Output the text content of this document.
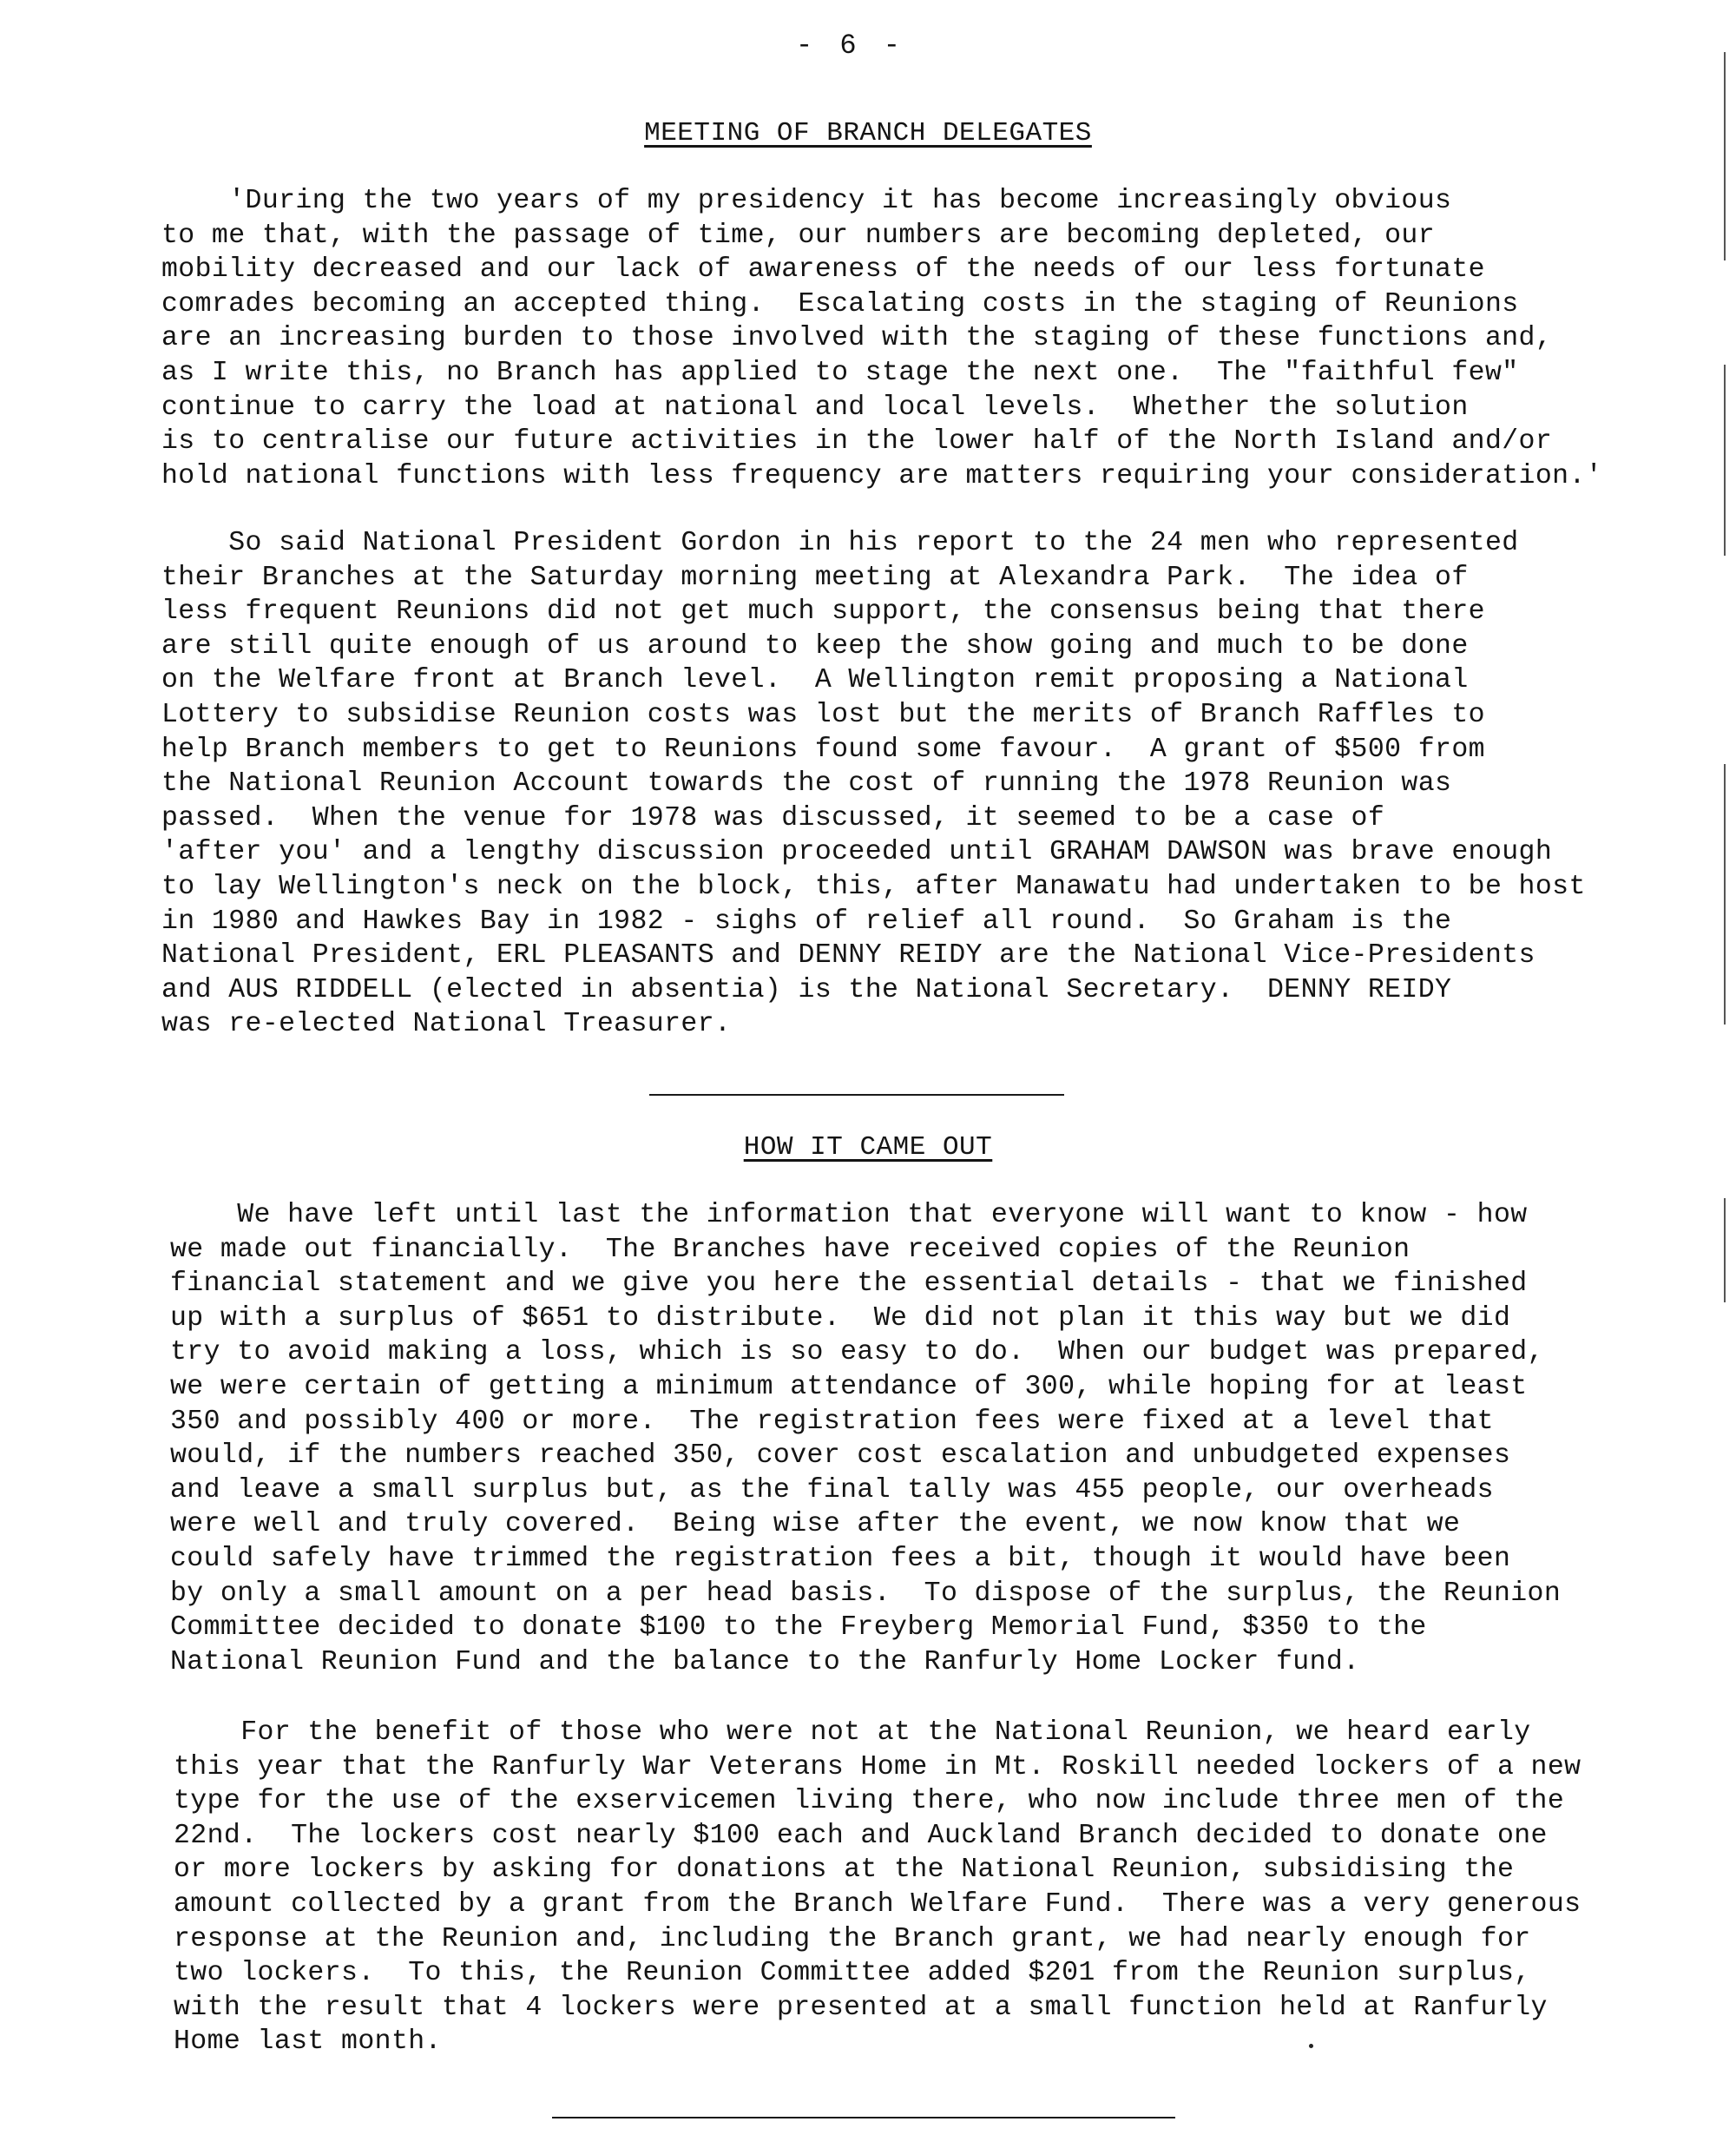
- 6 -
MEETING OF BRANCH DELEGATES
'During the two years of my presidency it has become increasingly obvious
to me that, with the passage of time, our numbers are becoming depleted, our
mobility decreased and our lack of awareness of the needs of our less fortunate
comrades becoming an accepted thing.  Escalating costs in the staging of Reunions
are an increasing burden to those involved with the staging of these functions and,
as I write this, no Branch has applied to stage the next one.  The "faithful few"
continue to carry the load at national and local levels.  Whether the solution
is to centralise our future activities in the lower half of the North Island and/or
hold national functions with less frequency are matters requiring your consideration.'
So said National President Gordon in his report to the 24 men who represented
their Branches at the Saturday morning meeting at Alexandra Park.  The idea of
less frequent Reunions did not get much support, the consensus being that there
are still quite enough of us around to keep the show going and much to be done
on the Welfare front at Branch level.  A Wellington remit proposing a National
Lottery to subsidise Reunion costs was lost but the merits of Branch Raffles to
help Branch members to get to Reunions found some favour.  A grant of $500 from
the National Reunion Account towards the cost of running the 1978 Reunion was
passed.  When the venue for 1978 was discussed, it seemed to be a case of
'after you' and a lengthy discussion proceeded until GRAHAM DAWSON was brave enough
to lay Wellington's neck on the block, this, after Manawatu had undertaken to be host
in 1980 and Hawkes Bay in 1982 - sighs of relief all round.  So Graham is the
National President, ERL PLEASANTS and DENNY REIDY are the National Vice-Presidents
and AUS RIDDELL (elected in absentia) is the National Secretary.  DENNY REIDY
was re-elected National Treasurer.
HOW IT CAME OUT
We have left until last the information that everyone will want to know - how
we made out financially.  The Branches have received copies of the Reunion
financial statement and we give you here the essential details - that we finished
up with a surplus of $651 to distribute.  We did not plan it this way but we did
try to avoid making a loss, which is so easy to do.  When our budget was prepared,
we were certain of getting a minimum attendance of 300, while hoping for at least
350 and possibly 400 or more.  The registration fees were fixed at a level that
would, if the numbers reached 350, cover cost escalation and unbudgeted expenses
and leave a small surplus but, as the final tally was 455 people, our overheads
were well and truly covered.  Being wise after the event, we now know that we
could safely have trimmed the registration fees a bit, though it would have been
by only a small amount on a per head basis.  To dispose of the surplus, the Reunion
Committee decided to donate $100 to the Freyberg Memorial Fund, $350 to the
National Reunion Fund and the balance to the Ranfurly Home Locker fund.
For the benefit of those who were not at the National Reunion, we heard early
this year that the Ranfurly War Veterans Home in Mt. Roskill needed lockers of a new
type for the use of the exservicemen living there, who now include three men of the
22nd.  The lockers cost nearly $100 each and Auckland Branch decided to donate one
or more lockers by asking for donations at the National Reunion, subsidising the
amount collected by a grant from the Branch Welfare Fund.  There was a very generous
response at the Reunion and, including the Branch grant, we had nearly enough for
two lockers.  To this, the Reunion Committee added $201 from the Reunion surplus,
with the result that 4 lockers were presented at a small function held at Ranfurly
Home last month.
